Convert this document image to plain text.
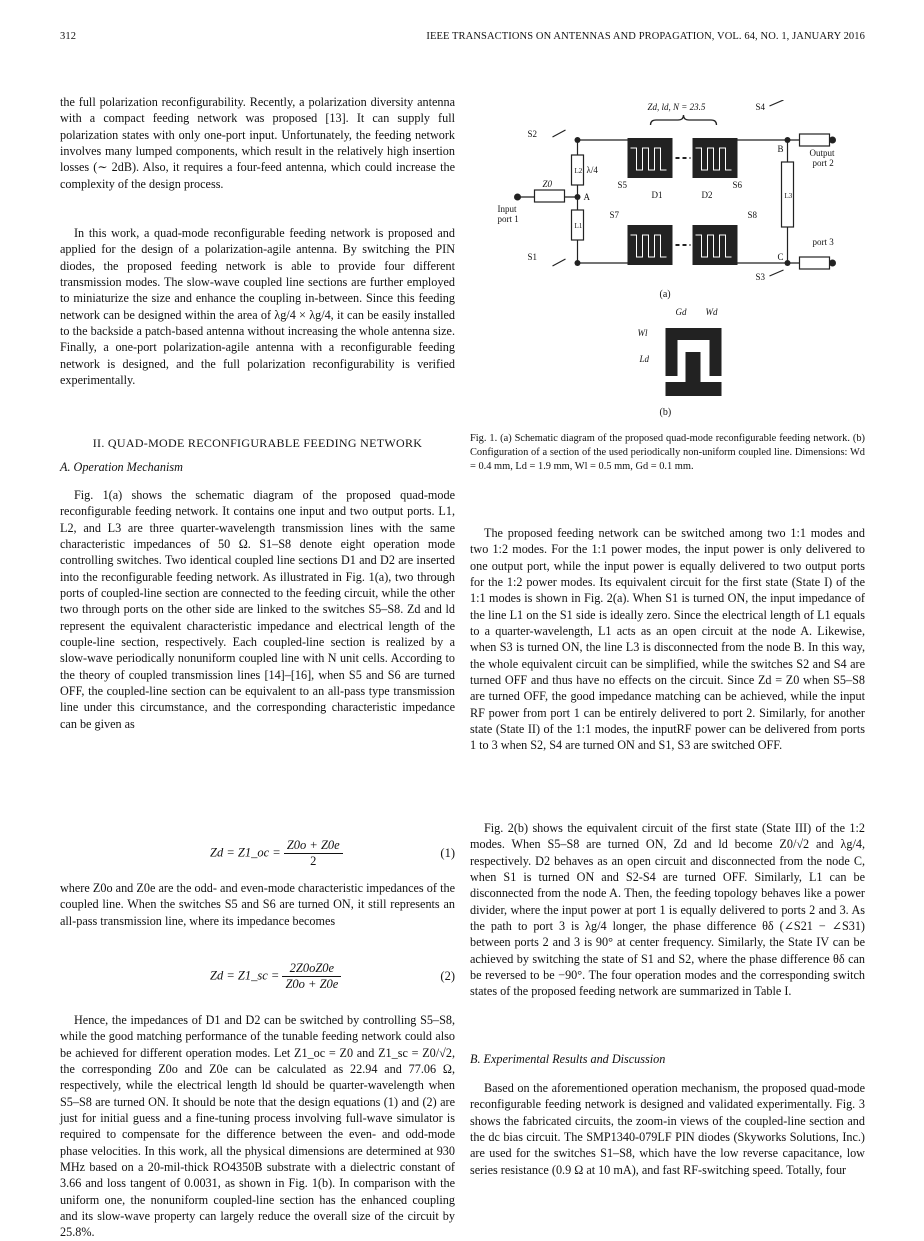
312	IEEE TRANSACTIONS ON ANTENNAS AND PROPAGATION, VOL. 64, NO. 1, JANUARY 2016

the full polarization reconfigurability. Recently, a polarization diversity antenna with a compact feeding network was proposed [13]. It can supply full polarization states with only one-port input. Unfortunately, the feeding network involves many lumped components, which result in the relatively high insertion losses (∼ 2dB). Also, it requires a four-feed antenna, which could increase the complexity of the design process.

In this work, a quad-mode reconfigurable feeding network is proposed and applied for the design of a polarization-agile antenna. By switching the PIN diodes, the proposed feeding network is able to provide four different transmission modes. The slow-wave coupled line sections are further employed to miniaturize the size and enhance the coupling in-between. Since this feeding network can be designed within the area of λg/4 × λg/4, it can be easily installed to the backside a patch-based antenna without increasing the whole antenna size. Finally, a one-port polarization-agile antenna with a reconfigurable feeding network is designed, and the full polarization reconfigurability is verified experimentally.

II. QUAD-MODE RECONFIGURABLE FEEDING NETWORK
A. Operation Mechanism

Fig. 1(a) shows the schematic diagram of the proposed quad-mode reconfigurable feeding network. It contains one input and two output ports. L1, L2, and L3 are three quarter-wavelength transmission lines with the same characteristic impedances of 50 Ω. S1–S8 denote eight operation mode controlling switches. Two identical coupled line sections D1 and D2 are inserted into the reconfigurable feeding network. As illustrated in Fig. 1(a), two through ports of coupled-line section are connected to the feeding circuit, while the other two through ports on the other side are linked to the switches S5–S8. Zd and ld represent the equivalent characteristic impedance and electrical length of the couple-line section, respectively. Each coupled-line section is realized by a slow-wave periodically nonuniform coupled line with N unit cells. According to the theory of coupled transmission lines [14]–[16], when S5 and S6 are turned OFF, the coupled-line section can be equivalent to an all-pass type transmission line under this circumstance, and the corresponding characteristic impedance can be given as

Zd = Z1_oc = $\frac{Z0o + Z0e}{2}$	(1)

where Z0o and Z0e are the odd- and even-mode characteristic impedances of the coupled line. When the switches S5 and S6 are turned ON, it still represents an all-pass transmission line, where its impedance becomes

Zd = Z1_sc = $\frac{2Z0oZ0e}{Z0o + Z0e}$	(2)

Hence, the impedances of D1 and D2 can be switched by controlling S5–S8, while the good matching performance of the tunable feeding network could also be achieved for different operation modes. Let Z1_oc = Z0 and Z1_sc = Z0/√2, the corresponding Z0o and Z0e can be calculated as 22.94 and 77.06 Ω, respectively, while the electrical length ld should be quarter-wavelength when S5–S8 are turned ON. It should be note that the design equations (1) and (2) are just for initial guess and a fine-tuning process involving full-wave simulator is required to compensate for the difference between the even- and odd-mode phase velocities. In this work, all the physical dimensions are determined at 930 MHz based on a 20-mil-thick RO4350B substrate with a dielectric constant of 3.66 and loss tangent of 0.0031, as shown in Fig. 1(b). In comparison with the uniform one, the nonuniform coupled-line section has the enhanced coupling and its slow-wave property can largely reduce the overall size of the circuit by 25.8%.

Zd, ld, N = 23.5
S2
S1
S4
S3
S5	S6
S7	S8
D1	D2
A
B
C
Z0
L2
L1
L3
λ/4
Input
port 1
Output
port 2
port 3
(a)
(b)
Gd Wd
Wl
Ld
Fig. 1. (a) Schematic diagram of the proposed quad-mode reconfigurable feeding network. (b) Configuration of a section of the used periodically non-uniform coupled line. Dimensions: Wd = 0.4 mm, Ld = 1.9 mm, Wl = 0.5 mm, Gd = 0.1 mm.

The proposed feeding network can be switched among two 1:1 modes and two 1:2 modes. For the 1:1 power modes, the input power is only delivered to one output port, while the input power is equally delivered to two output ports for the 1:2 power modes. Its equivalent circuit for the first state (State I) of the 1:1 modes is shown in Fig. 2(a). When S1 is turned ON, the input impedance of the line L1 on the S1 side is ideally zero. Since the electrical length of L1 equals to a quarter-wavelength, L1 acts as an open circuit at the node A. Likewise, when S3 is turned ON, the line L3 is disconnected from the node B. In this way, the whole equivalent circuit can be simplified, while the switches S2 and S4 are turned OFF and thus have no effects on the circuit. Since Zd = Z0 when S5–S8 are turned OFF, the good impedance matching can be achieved, while the input RF power from port 1 can be entirely delivered to port 2. Similarly, for another state (State II) of the 1:1 modes, the inputRF power can be delivered from ports 1 to 3 when S2, S4 are turned ON and S1, S3 are switched OFF.

Fig. 2(b) shows the equivalent circuit of the first state (State III) of the 1:2 modes. When S5–S8 are turned ON, Zd and ld become Z0/√2 and λg/4, respectively. D2 behaves as an open circuit and disconnected from the node C, when S1 is turned ON and S2-S4 are turned OFF. Similarly, L1 can be disconnected from the node A. Then, the feeding topology behaves like a power divider, where the input power at port 1 is equally delivered to ports 2 and 3. As the path to port 3 is λg/4 longer, the phase difference θδ (∠S21 − ∠S31) between ports 2 and 3 is 90° at center frequency. Similarly, the State IV can be achieved by switching the state of S1 and S2, where the phase difference θδ can be reversed to be −90°. The four operation modes and the corresponding switch states of the proposed feeding network are summarized in Table I.

B. Experimental Results and Discussion

Based on the aforementioned operation mechanism, the proposed quad-mode reconfigurable feeding network is designed and validated experimentally. Fig. 3 shows the fabricated circuits, the zoom-in views of the coupled-line section and the dc bias circuit. The SMP1340-079LF PIN diodes (Skyworks Solutions, Inc.) are used for the switches S1–S8, which have the low reverse capacitance, low series resistance (0.9 Ω at 10 mA), and fast RF-switching speed. Totally, four
